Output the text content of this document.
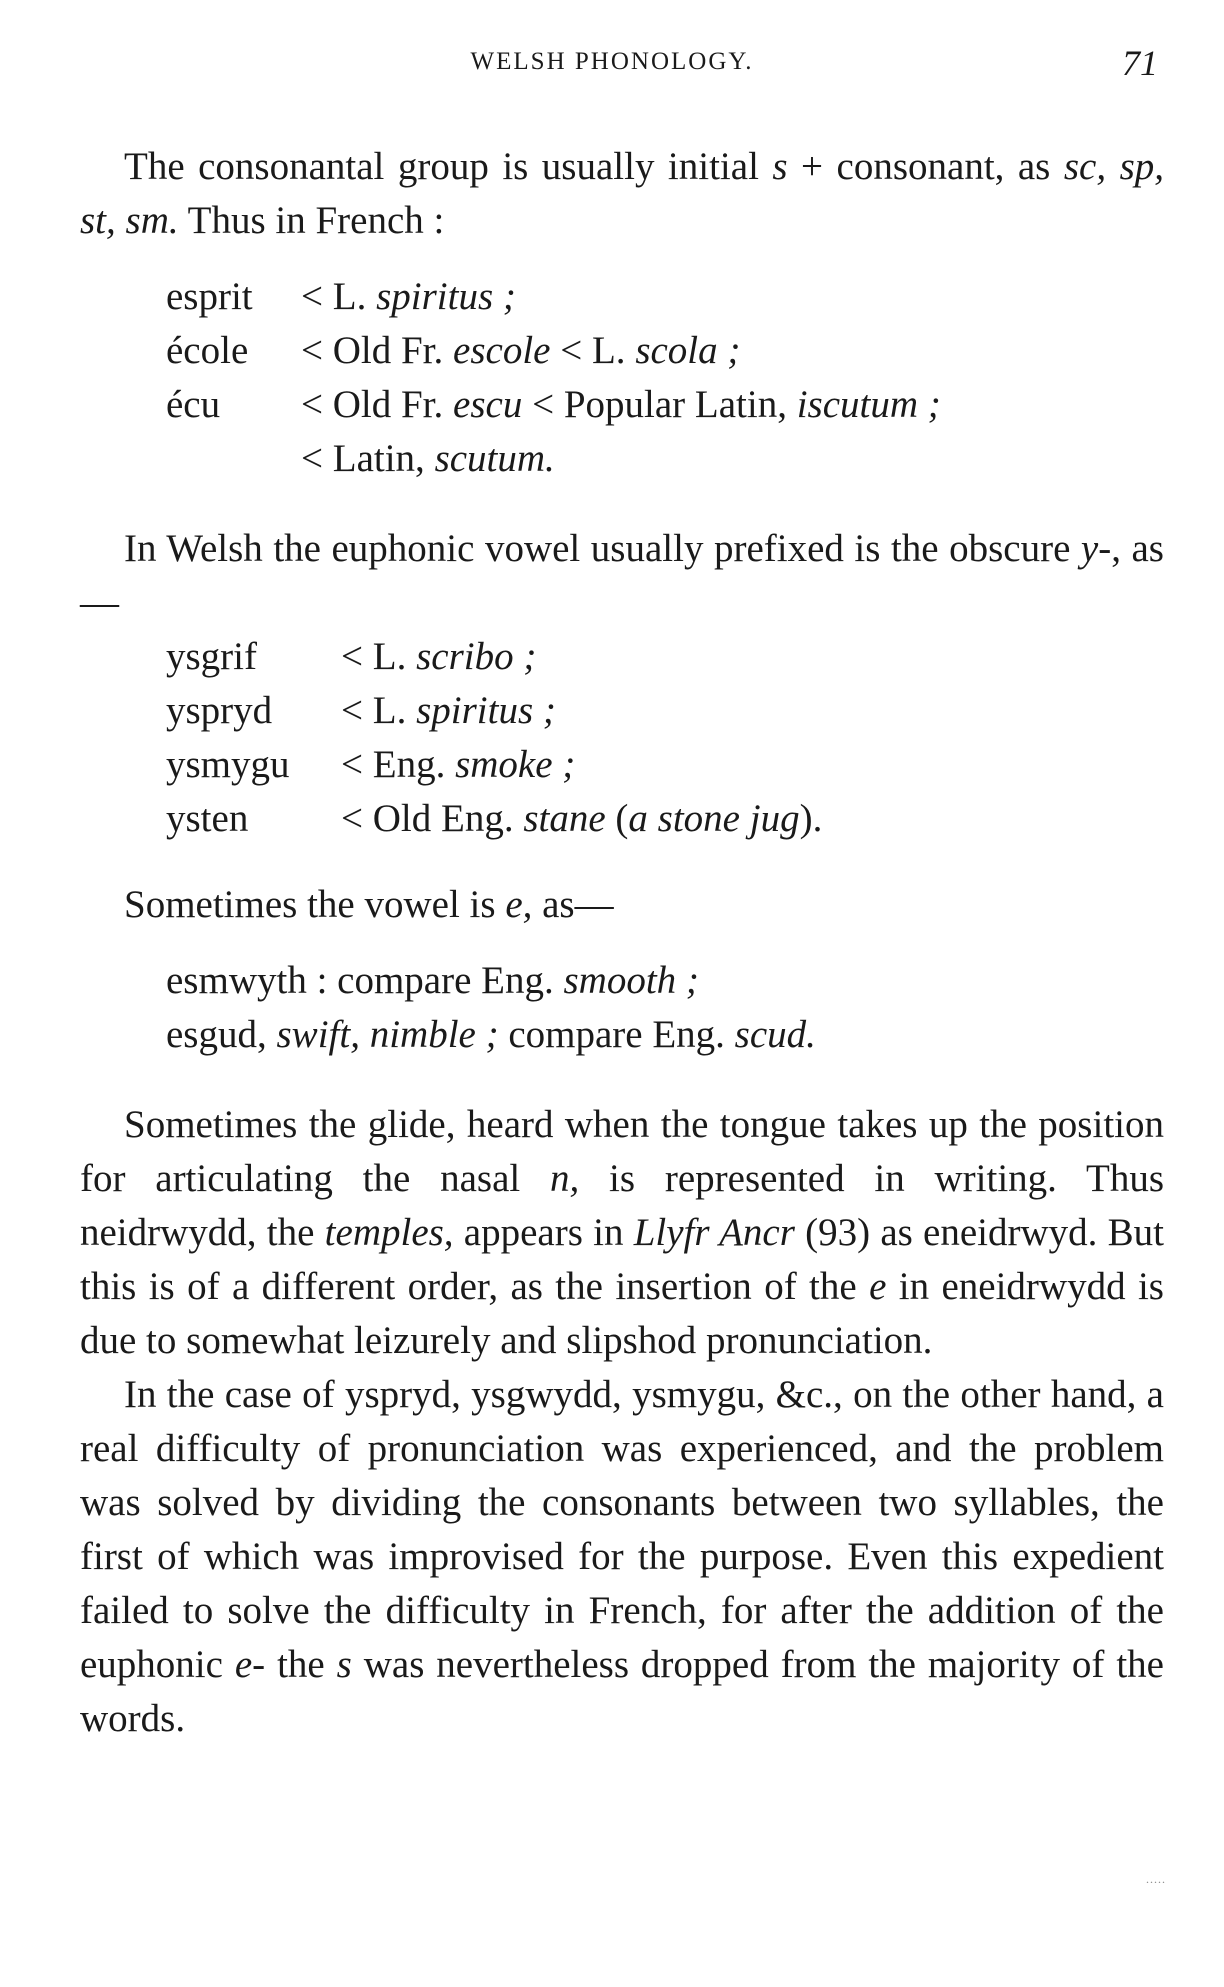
WELSH PHONOLOGY.	71

The consonantal group is usually initial s + consonant, as sc, sp, st, sm. Thus in French :

esprit < L. spiritus ;
école < Old Fr. escole < L. scola ;
écu < Old Fr. escu < Popular Latin, iscutum ;
< Latin, scutum.

In Welsh the euphonic vowel usually prefixed is the obscure y-, as—

ysgrif < L. scribo ;
yspryd < L. spiritus ;
ysmygu < Eng. smoke ;
ysten < Old Eng. stane (a stone jug).

Sometimes the vowel is e, as—

esmwyth : compare Eng. smooth ;
esgud, swift, nimble ; compare Eng. scud.

Sometimes the glide, heard when the tongue takes up the position for articulating the nasal n, is represented in writing. Thus neidrwydd, the temples, appears in Llyfr Ancr (93) as eneidrwyd. But this is of a different order, as the insertion of the e in eneidrwydd is due to somewhat leizurely and slipshod pronunciation.

In the case of yspryd, ysgwydd, ysmygu, &c., on the other hand, a real difficulty of pronunciation was experienced, and the problem was solved by dividing the consonants between two syllables, the first of which was improvised for the purpose. Even this expedient failed to solve the difficulty in French, for after the addition of the euphonic e- the s was nevertheless dropped from the majority of the words.

.....
